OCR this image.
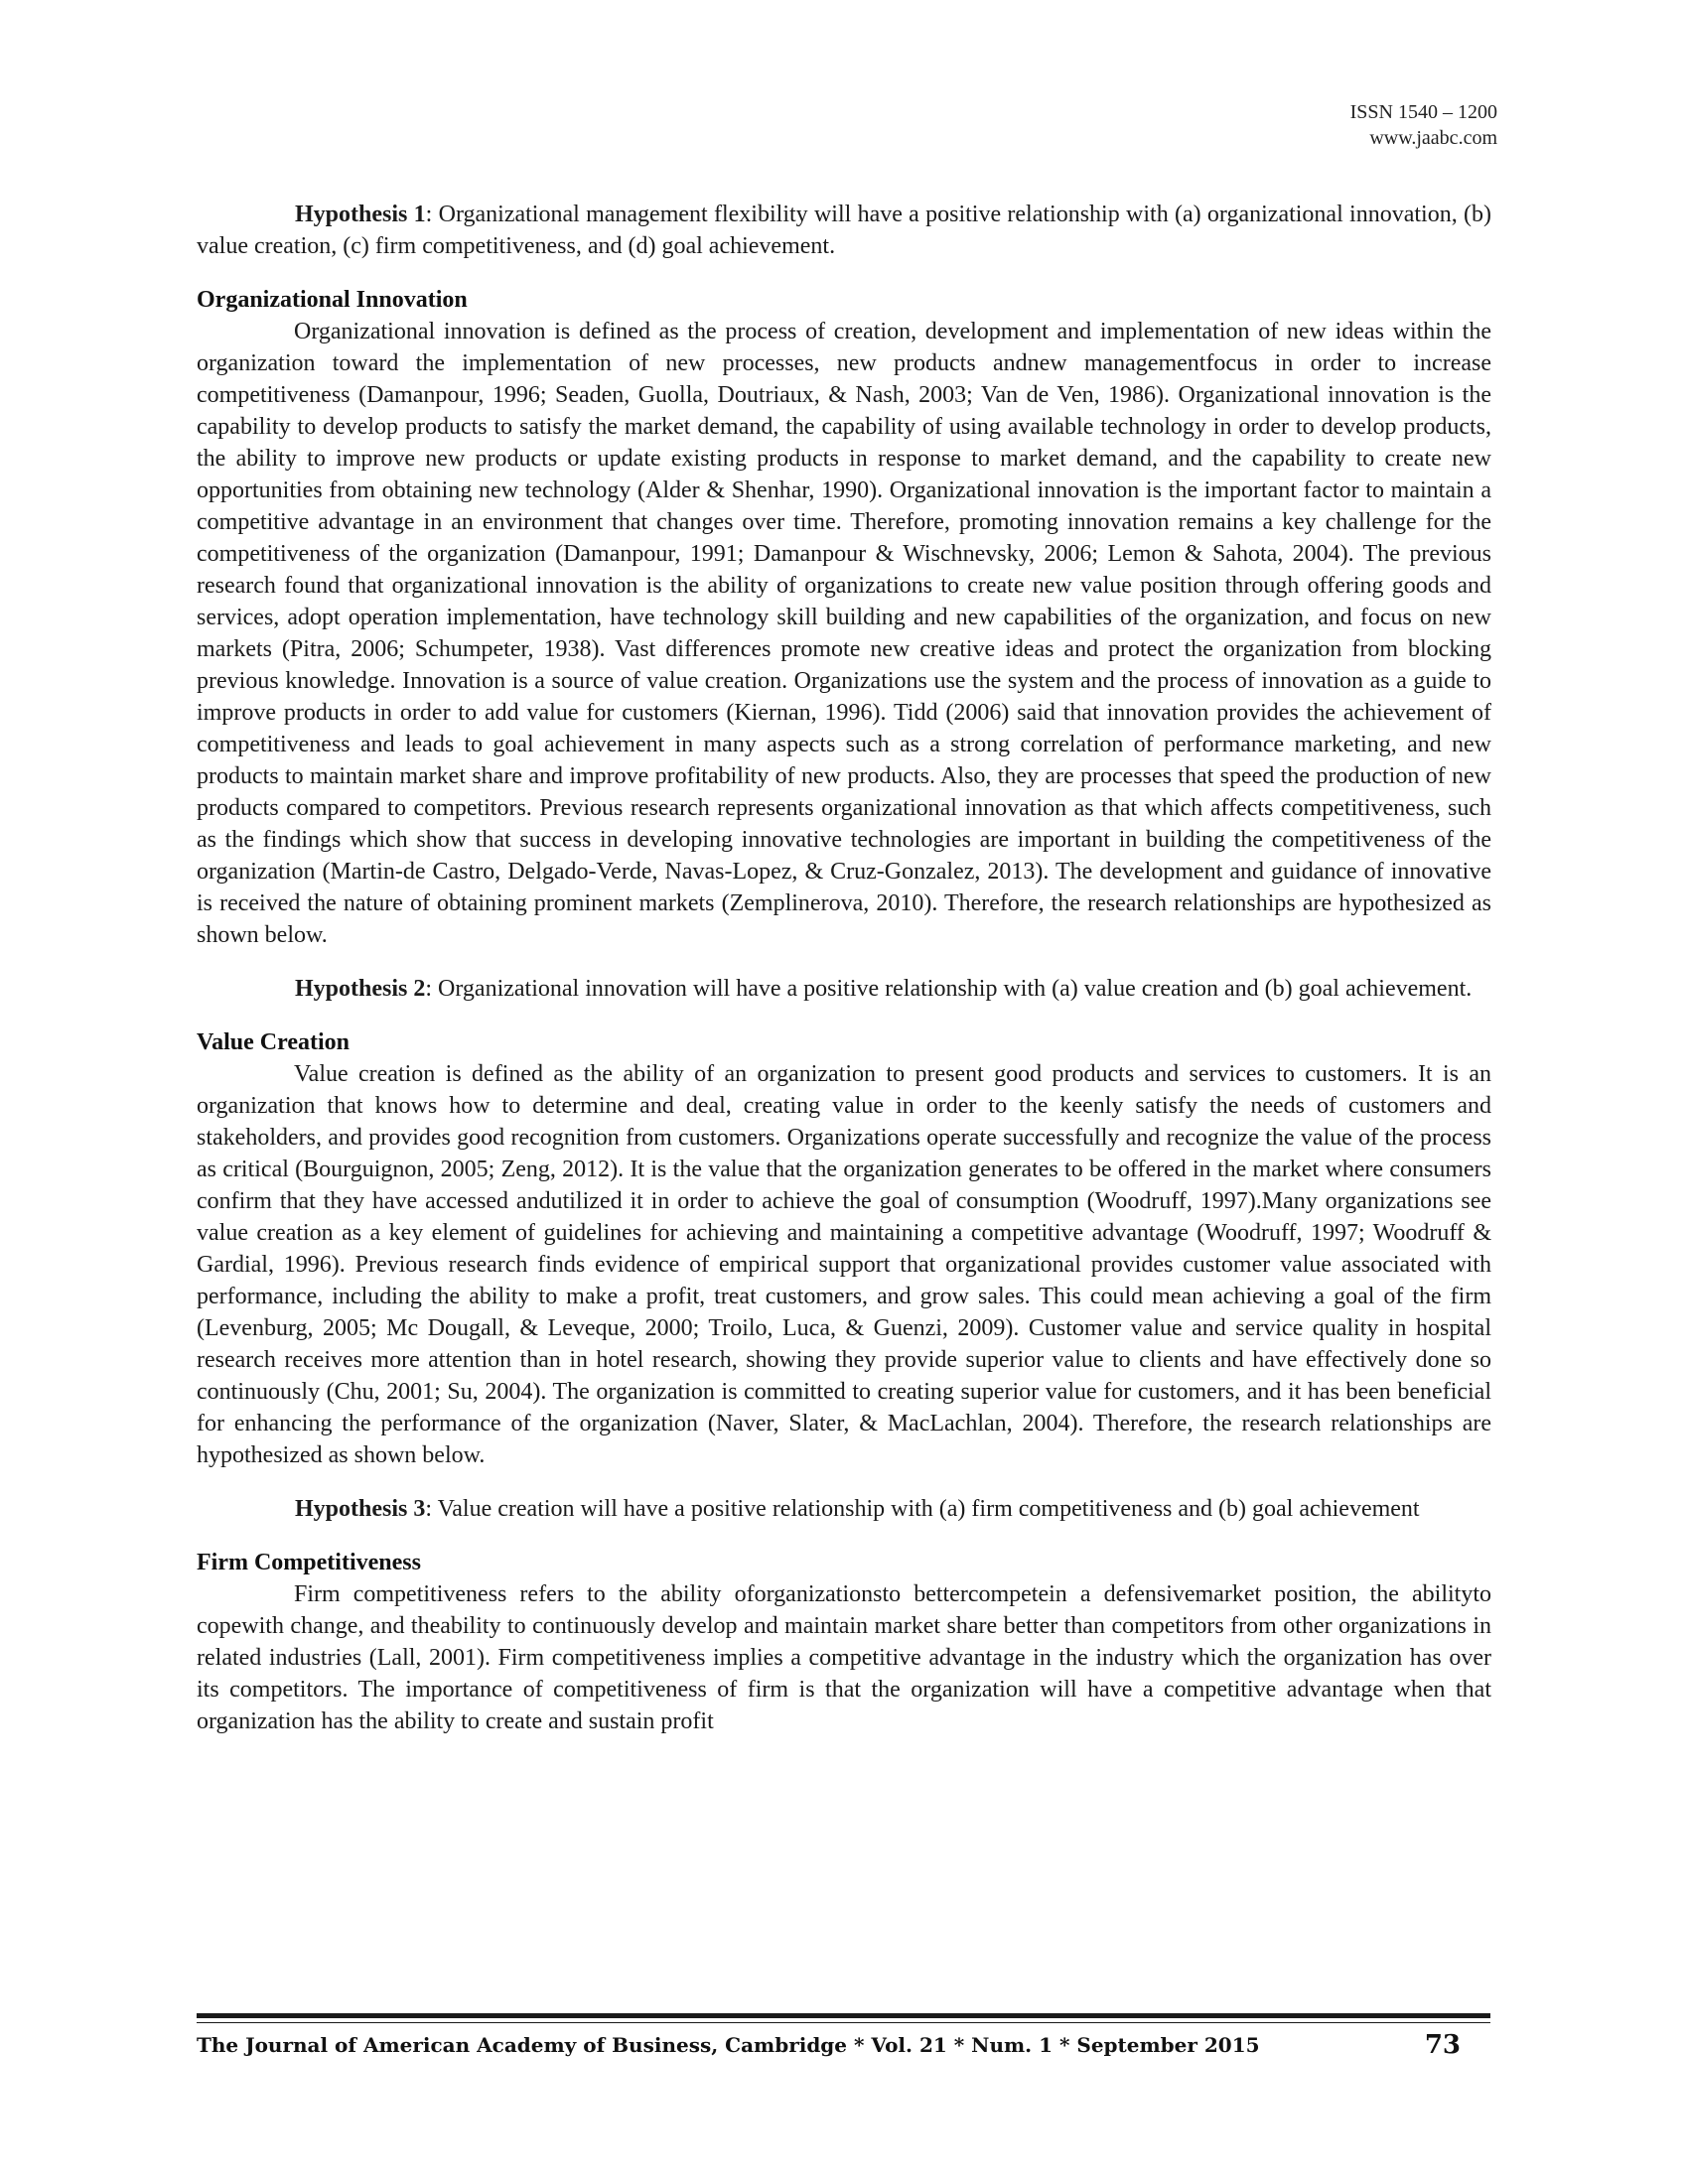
ISSN 1540 – 1200
www.jaabc.com

Hypothesis 1: Organizational management flexibility will have a positive relationship with (a) organizational innovation, (b) value creation, (c) firm competitiveness, and (d) goal achievement.

Organizational Innovation

Organizational innovation is defined as the process of creation, development and implementation of new ideas within the organization toward the implementation of new processes, new products andnew managementfocus in order to increase competitiveness (Damanpour, 1996; Seaden, Guolla, Doutriaux, & Nash, 2003; Van de Ven, 1986). Organizational innovation is the capability to develop products to satisfy the market demand, the capability of using available technology in order to develop products, the ability to improve new products or update existing products in response to market demand, and the capability to create new opportunities from obtaining new technology (Alder & Shenhar, 1990). Organizational innovation is the important factor to maintain a competitive advantage in an environment that changes over time. Therefore, promoting innovation remains a key challenge for the competitiveness of the organization (Damanpour, 1991; Damanpour & Wischnevsky, 2006; Lemon & Sahota, 2004). The previous research found that organizational innovation is the ability of organizations to create new value position through offering goods and services, adopt operation implementation, have technology skill building and new capabilities of the organization, and focus on new markets (Pitra, 2006; Schumpeter, 1938). Vast differences promote new creative ideas and protect the organization from blocking previous knowledge. Innovation is a source of value creation. Organizations use the system and the process of innovation as a guide to improve products in order to add value for customers (Kiernan, 1996). Tidd (2006) said that innovation provides the achievement of competitiveness and leads to goal achievement in many aspects such as a strong correlation of performance marketing, and new products to maintain market share and improve profitability of new products. Also, they are processes that speed the production of new products compared to competitors. Previous research represents organizational innovation as that which affects competitiveness, such as the findings which show that success in developing innovative technologies are important in building the competitiveness of the organization (Martin-de Castro, Delgado-Verde, Navas-Lopez, & Cruz-Gonzalez, 2013). The development and guidance of innovative is received the nature of obtaining prominent markets (Zemplinerova, 2010). Therefore, the research relationships are hypothesized as shown below.

Hypothesis 2: Organizational innovation will have a positive relationship with (a) value creation and (b) goal achievement.

Value Creation

Value creation is defined as the ability of an organization to present good products and services to customers. It is an organization that knows how to determine and deal, creating value in order to the keenly satisfy the needs of customers and stakeholders, and provides good recognition from customers. Organizations operate successfully and recognize the value of the process as critical (Bourguignon, 2005; Zeng, 2012). It is the value that the organization generates to be offered in the market where consumers confirm that they have accessed andutilized it in order to achieve the goal of consumption (Woodruff, 1997).Many organizations see value creation as a key element of guidelines for achieving and maintaining a competitive advantage (Woodruff, 1997; Woodruff & Gardial, 1996). Previous research finds evidence of empirical support that organizational provides customer value associated with performance, including the ability to make a profit, treat customers, and grow sales. This could mean achieving a goal of the firm (Levenburg, 2005; Mc Dougall, & Leveque, 2000; Troilo, Luca, & Guenzi, 2009). Customer value and service quality in hospital research receives more attention than in hotel research, showing they provide superior value to clients and have effectively done so continuously (Chu, 2001; Su, 2004). The organization is committed to creating superior value for customers, and it has been beneficial for enhancing the performance of the organization (Naver, Slater, & MacLachlan, 2004). Therefore, the research relationships are hypothesized as shown below.

Hypothesis 3: Value creation will have a positive relationship with (a) firm competitiveness and (b) goal achievement

Firm Competitiveness

Firm competitiveness refers to the ability oforganizationsto bettercompetein a defensivemarket position, the abilityto copewith change, and theability to continuously develop and maintain market share better than competitors from other organizations in related industries (Lall, 2001). Firm competitiveness implies a competitive advantage in the industry which the organization has over its competitors. The importance of competitiveness of firm is that the organization will have a competitive advantage when that organization has the ability to create and sustain profit

The Journal of American Academy of Business, Cambridge * Vol. 21 * Num. 1 * September 2015	73
